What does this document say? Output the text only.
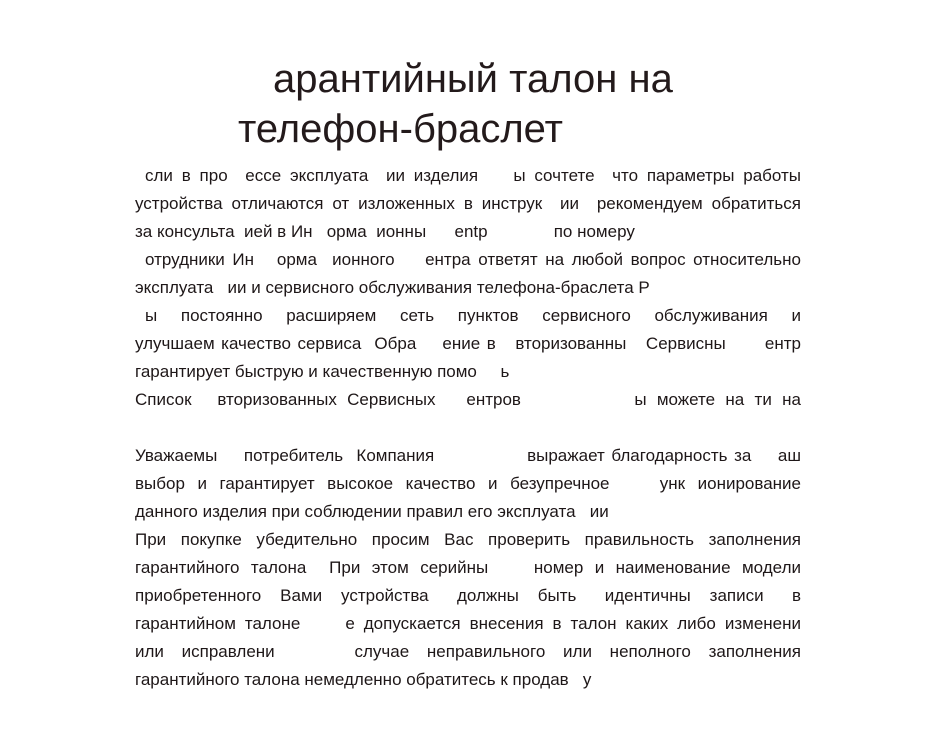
арантийный талон на
телефон-браслет
сли в про  ессе эксплуата  ии изделия    ы сочтете  что параметры работы
устройства отличаются от изложенных в инструк  ии  рекомендуем обратиться
за консульта  ией в Ин   орма  ионны      entр              по номеру
отрудники Ин   орма  ионного    ентра ответят на любой вопрос относительно
эксплуата   ии и сервисного обслуживания телефона-браслета Р
ы  постоянно  расширяем  сеть  пунктов  сервисного  обслуживания  и
улучшаем качество сервиса  Обра    ение в   вторизованны   Сервисны      ентр
гарантирует быструю и качественную помо     ь
Список     вторизованных  Сервисных      ентров                      ы  можете  на  ти  на
Уважаемы    потребитель  Компания              выражает благодарность за    аш
выбор и гарантирует высокое качество и безупречное    унк ионирование
данного изделия при соблюдении правил его эксплуата   ии
При покупке убедительно просим Вас проверить правильность заполнения
гарантийного талона  При этом серийны    номер и наименование модели
приобретенного  Вами  устройства   должны  быть   идентичны  записи   в
гарантийном талоне     е допускается внесения в талон каких либо изменени
или  исправлени         случае  неправильного  или  неполного  заполнения
гарантийного талона немедленно обратитесь к продав   у
